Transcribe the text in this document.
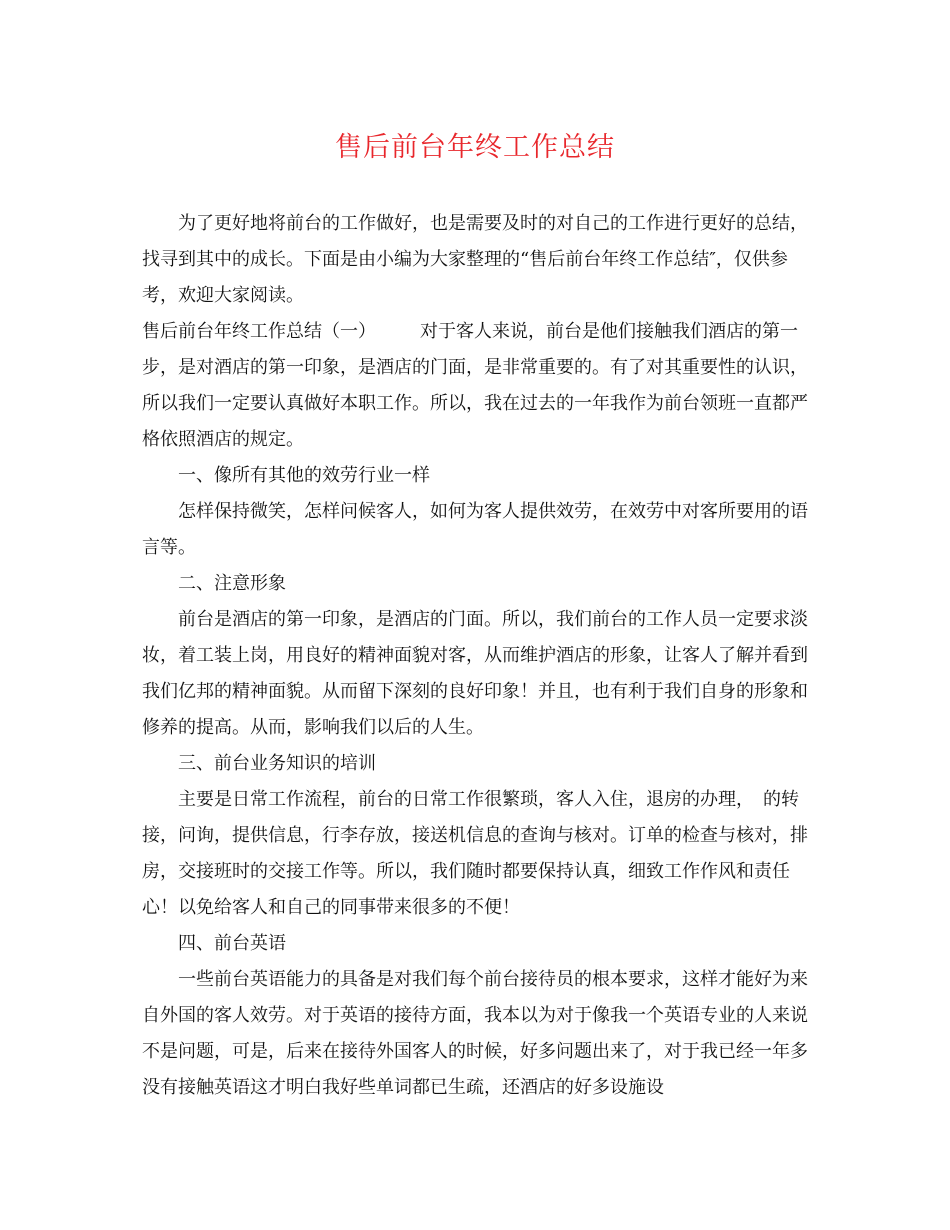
售后前台年终工作总结

为了更好地将前台的工作做好，也是需要及时的对自己的工作进行更好的总结，找寻到其中的成长。下面是由小编为大家整理的“售后前台年终工作总结″，仅供参考，欢迎大家阅读。

售后前台年终工作总结（一） 对于客人来说，前台是他们接触我们酒店的第一步，是对酒店的第一印象，是酒店的门面，是非常重要的。有了对其重要性的认识，所以我们一定要认真做好本职工作。所以，我在过去的一年我作为前台领班一直都严格依照酒店的规定。

一、像所有其他的效劳行业一样

怎样保持微笑，怎样问候客人，如何为客人提供效劳，在效劳中对客所要用的语言等。

二、注意形象

前台是酒店的第一印象，是酒店的门面。所以，我们前台的工作人员一定要求淡妆，着工装上岗，用良好的精神面貌对客，从而维护酒店的形象，让客人了解并看到我们亿邦的精神面貌。从而留下深刻的良好印象！并且，也有利于我们自身的形象和修养的提高。从而，影响我们以后的人生。

三、前台业务知识的培训

主要是日常工作流程，前台的日常工作很繁琐，客人入住，退房的办理，　的转接，问询，提供信息，行李存放，接送机信息的查询与核对。订单的检查与核对，排房，交接班时的交接工作等。所以，我们随时都要保持认真，细致工作作风和责任心！以免给客人和自己的同事带来很多的不便！

四、前台英语

一些前台英语能力的具备是对我们每个前台接待员的根本要求，这样才能好为来自外国的客人效劳。对于英语的接待方面，我本以为对于像我一个英语专业的人来说不是问题，可是，后来在接待外国客人的时候，好多问题出来了，对于我已经一年多没有接触英语这才明白我好些单词都已生疏，还酒店的好多设施设
